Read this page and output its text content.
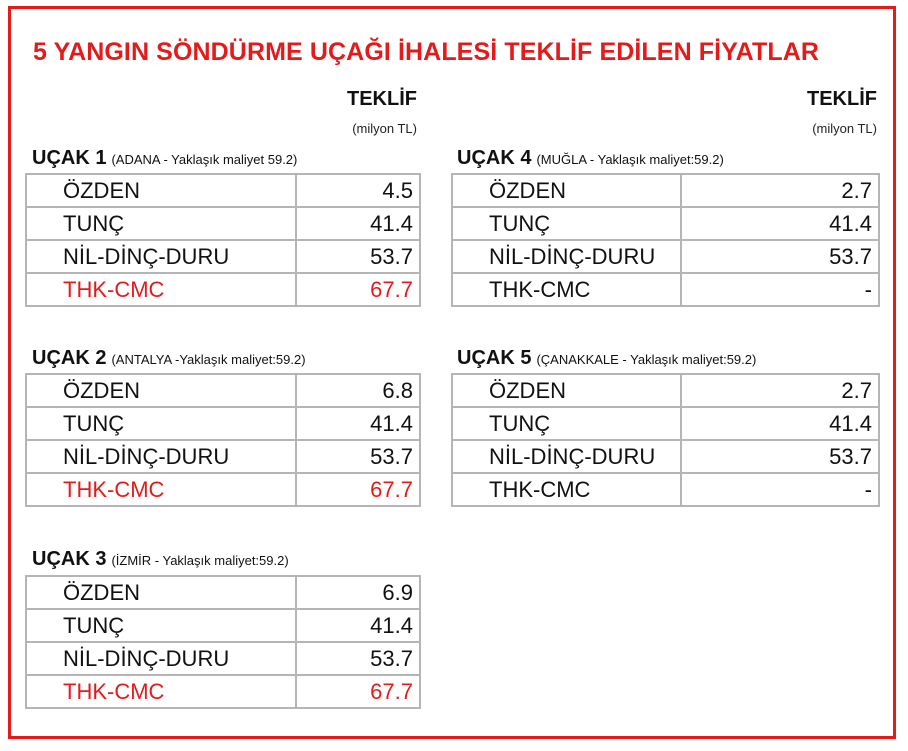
5 YANGIN SÖNDÜRME UÇAĞI İHALESİ TEKLİF EDİLEN FİYATLAR
TEKLİF
(milyon TL)
TEKLİF
(milyon TL)
UÇAK 1 (ADANA - Yaklaşık maliyet 59.2)
ÖZDEN	4.5
TUNÇ	41.4
NİL-DİNÇ-DURU	53.7
THK-CMC	67.7
UÇAK 2 (ANTALYA -Yaklaşık maliyet:59.2)
ÖZDEN	6.8
TUNÇ	41.4
NİL-DİNÇ-DURU	53.7
THK-CMC	67.7
UÇAK 3 (İZMİR - Yaklaşık maliyet:59.2)
ÖZDEN	6.9
TUNÇ	41.4
NİL-DİNÇ-DURU	53.7
THK-CMC	67.7
UÇAK 4 (MUĞLA - Yaklaşık maliyet:59.2)
ÖZDEN	2.7
TUNÇ	41.4
NİL-DİNÇ-DURU	53.7
THK-CMC	-
UÇAK 5 (ÇANAKKALE - Yaklaşık maliyet:59.2)
ÖZDEN	2.7
TUNÇ	41.4
NİL-DİNÇ-DURU	53.7
THK-CMC	-
